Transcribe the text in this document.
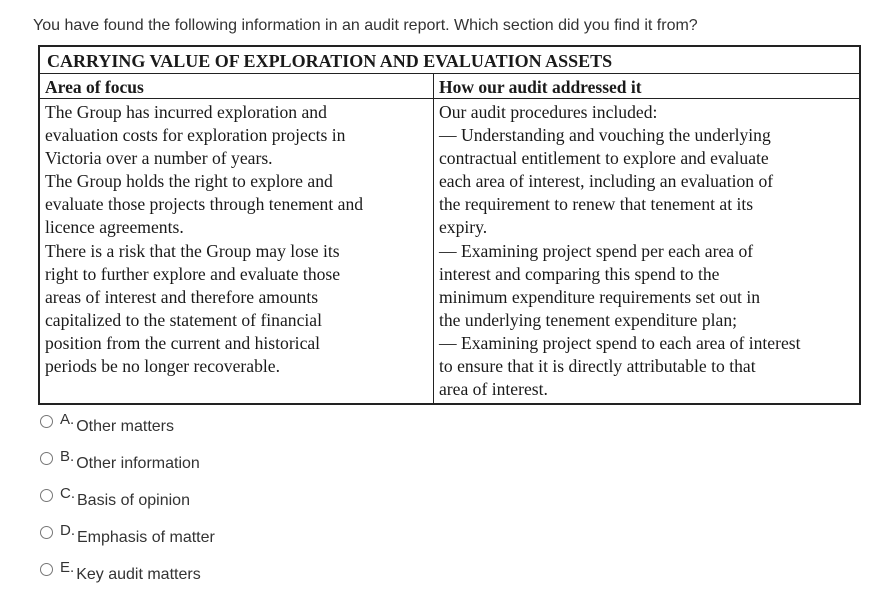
You have found the following information in an audit report. Which section did you find it from?
CARRYING VALUE OF EXPLORATION AND EVALUATION ASSETS
Area of focus
The Group has incurred exploration and
evaluation costs for exploration projects in
Victoria over a number of years.
The Group holds the right to explore and
evaluate those projects through tenement and
licence agreements.
There is a risk that the Group may lose its
right to further explore and evaluate those
areas of interest and therefore amounts
capitalized to the statement of financial
position from the current and historical
periods be no longer recoverable.
How our audit addressed it
Our audit procedures included:
— Understanding and vouching the underlying
contractual entitlement to explore and evaluate
each area of interest, including an evaluation of
the requirement to renew that tenement at its
expiry.
— Examining project spend per each area of
interest and comparing this spend to the
minimum expenditure requirements set out in
the underlying tenement expenditure plan;
— Examining project spend to each area of interest
to ensure that it is directly attributable to that
area of interest.
A. Other matters
B. Other information
C. Basis of opinion
D. Emphasis of matter
E. Key audit matters
